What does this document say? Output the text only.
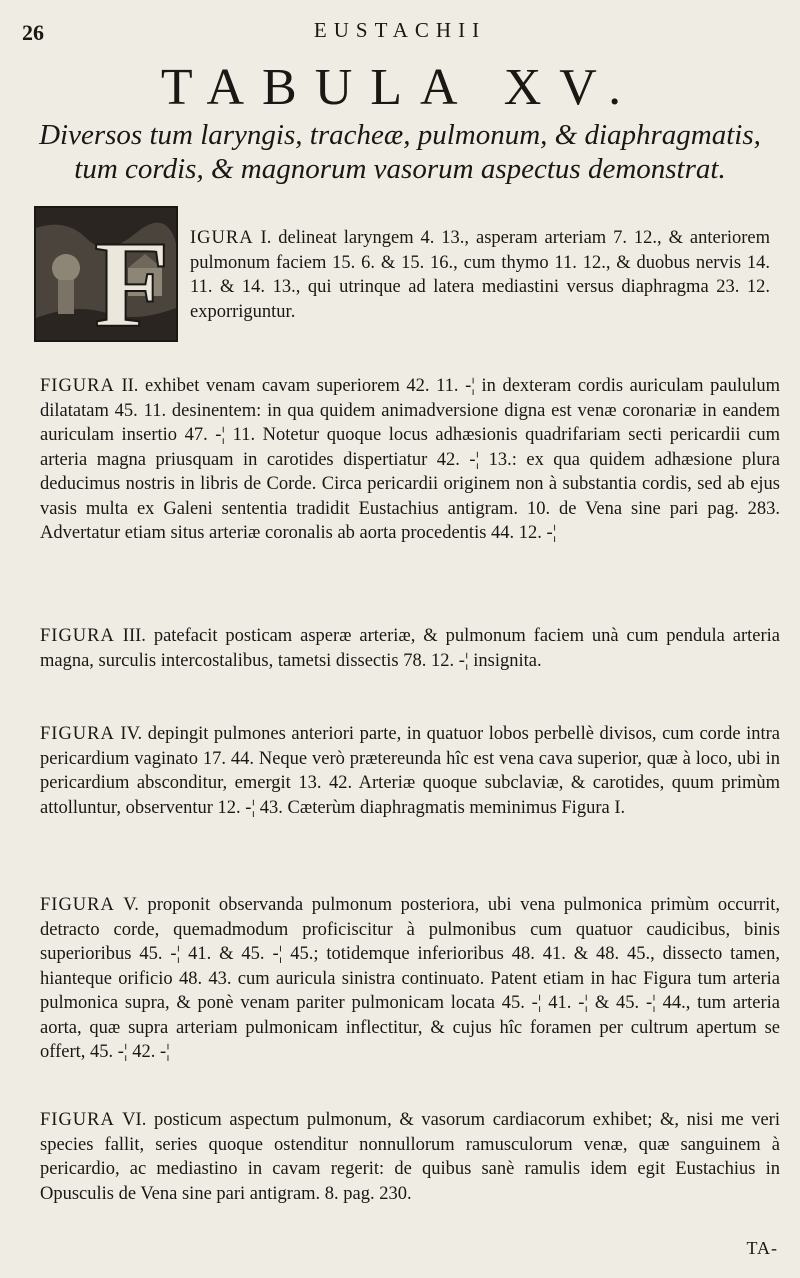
26	EUSTACHII
TABULA XV.
Diversos tum laryngis, tracheæ, pulmonum, & diaphragmatis, tum cordis, & magnorum vasorum aspectus demonstrat.
F IGURA I. delineat laryngem 4. 13., asperam arteriam 7. 12., & anteriorem pulmonum faciem 15. 6. & 15. 16., cum thymo 11. 12., & duobus nervis 14. 11. & 14. 13., qui utrinque ad latera mediastini versus diaphragma 23. 12. exporriguntur.
FIGURA II. exhibet venam cavam superiorem 42. 11. -¦ in dexteram cordis auriculam paululum dilatatam 45. 11. desinentem: in qua quidem animadversione digna est venæ coronariæ in eandem auriculam insertio 47. -¦ 11. Notetur quoque locus adhæsionis quadrifariam secti pericardii cum arteria magna priusquam in carotides dispertiatur 42. -¦ 13.: ex qua quidem adhæsione plura deducimus nostris in libris de Corde. Circa pericardii originem non à substantia cordis, sed ab ejus vasis multa ex Galeni sententia tradidit Eustachius antigram. 10. de Vena sine pari pag. 283. Advertatur etiam situs arteriæ coronalis ab aorta procedentis 44. 12. -¦
FIGURA III. patefacit posticam asperæ arteriæ, & pulmonum faciem unà cum pendula arteria magna, surculis intercostalibus, tametsi dissectis 78. 12. -¦ insignita.
FIGURA IV. depingit pulmones anteriori parte, in quatuor lobos perbellè divisos, cum corde intra pericardium vaginato 17. 44. Neque verò prætereunda hîc est vena cava superior, quæ à loco, ubi in pericardium absconditur, emergit 13. 42. Arteriæ quoque subclaviæ, & carotides, quum primùm attolluntur, observentur 12. -¦ 43. Cæterùm diaphragmatis meminimus Figura I.
FIGURA V. proponit observanda pulmonum posteriora, ubi vena pulmonica primùm occurrit, detracto corde, quemadmodum proficiscitur à pulmonibus cum quatuor caudicibus, binis superioribus 45. -¦ 41. & 45. -¦ 45.; totidemque inferioribus 48. 41. & 48. 45., dissecto tamen, hianteque orificio 48. 43. cum auricula sinistra continuato. Patent etiam in hac Figura tum arteria pulmonica supra, & ponè venam pariter pulmonicam locata 45. -¦ 41. -¦ & 45. -¦ 44., tum arteria aorta, quæ supra arteriam pulmonicam inflectitur, & cujus hîc foramen per cultrum apertum se offert, 45. -¦ 42. -¦
FIGURA VI. posticum aspectum pulmonum, & vasorum cardiacorum exhibet; &, nisi me veri species fallit, series quoque ostenditur nonnullorum ramusculorum venæ, quæ sanguinem à pericardio, ac mediastino in cavam regerit: de quibus sanè ramulis idem egit Eustachius in Opusculis de Vena sine pari antigram. 8. pag. 230.
TA-
